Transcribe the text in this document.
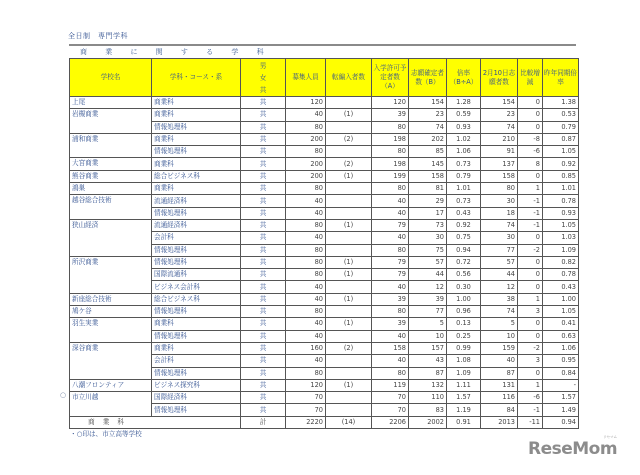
全日制　専門学科
商 業 に 関 す る 学 科
学校名	学科・コース・系	男女共	募集人員	転編入者数	入学許可予定者数（A）	志願確定者数（B）	倍率（B÷A）	2月10日志願者数	比較増減	昨年同期倍率
上尾	商業科	共	120		120	154	1.28	154	0	1.38
岩槻商業	商業科	共	40	(1)	39	23	0.59	23	0	0.53
	情報処理科	共	80		80	74	0.93	74	0	0.79
浦和商業	商業科	共	200	(2)	198	202	1.02	210	-8	0.87
	情報処理科	共	80		80	85	1.06	91	-6	1.05
大宮商業	商業科	共	200	(2)	198	145	0.73	137	8	0.92
熊谷商業	総合ビジネス科	共	200	(1)	199	158	0.79	158	0	0.85
鴻巣	商業科	共	80		80	81	1.01	80	1	1.01
越谷総合技術	流通経済科	共	40		40	29	0.73	30	-1	0.78
	情報処理科	共	40		40	17	0.43	18	-1	0.93
狭山経済	流通経済科	共	80	(1)	79	73	0.92	74	-1	1.05
	会計科	共	40		40	30	0.75	30	0	1.03
	情報処理科	共	80		80	75	0.94	77	-2	1.09
所沢商業	情報処理科	共	80	(1)	79	57	0.72	57	0	0.82
	国際流通科	共	80	(1)	79	44	0.56	44	0	0.78
	ビジネス会計科	共	40		40	12	0.30	12	0	0.43
新座総合技術	総合ビジネス科	共	40	(1)	39	39	1.00	38	1	1.00
鳩ケ谷	情報処理科	共	80		80	77	0.96	74	3	1.05
羽生実業	商業科	共	40	(1)	39	5	0.13	5	0	0.41
	情報処理科	共	40		40	10	0.25	10	0	0.63
深谷商業	商業科	共	160	(2)	158	157	0.99	159	-2	1.06
	会計科	共	40		40	43	1.08	40	3	0.95
	情報処理科	共	80		80	87	1.09	87	0	0.84
八潮フロンティア	ビジネス探究科	共	120	(1)	119	132	1.11	131	1	-
市立川越	国際経済科	共	70		70	110	1.57	116	-6	1.57
	情報処理科	共	70		70	83	1.19	84	-1	1.49
商 業 科		計	2220	(14)	2206	2002	0.91	2013	-11	0.94
○
・○印は、市立高等学校
ReseMom
リセマム
